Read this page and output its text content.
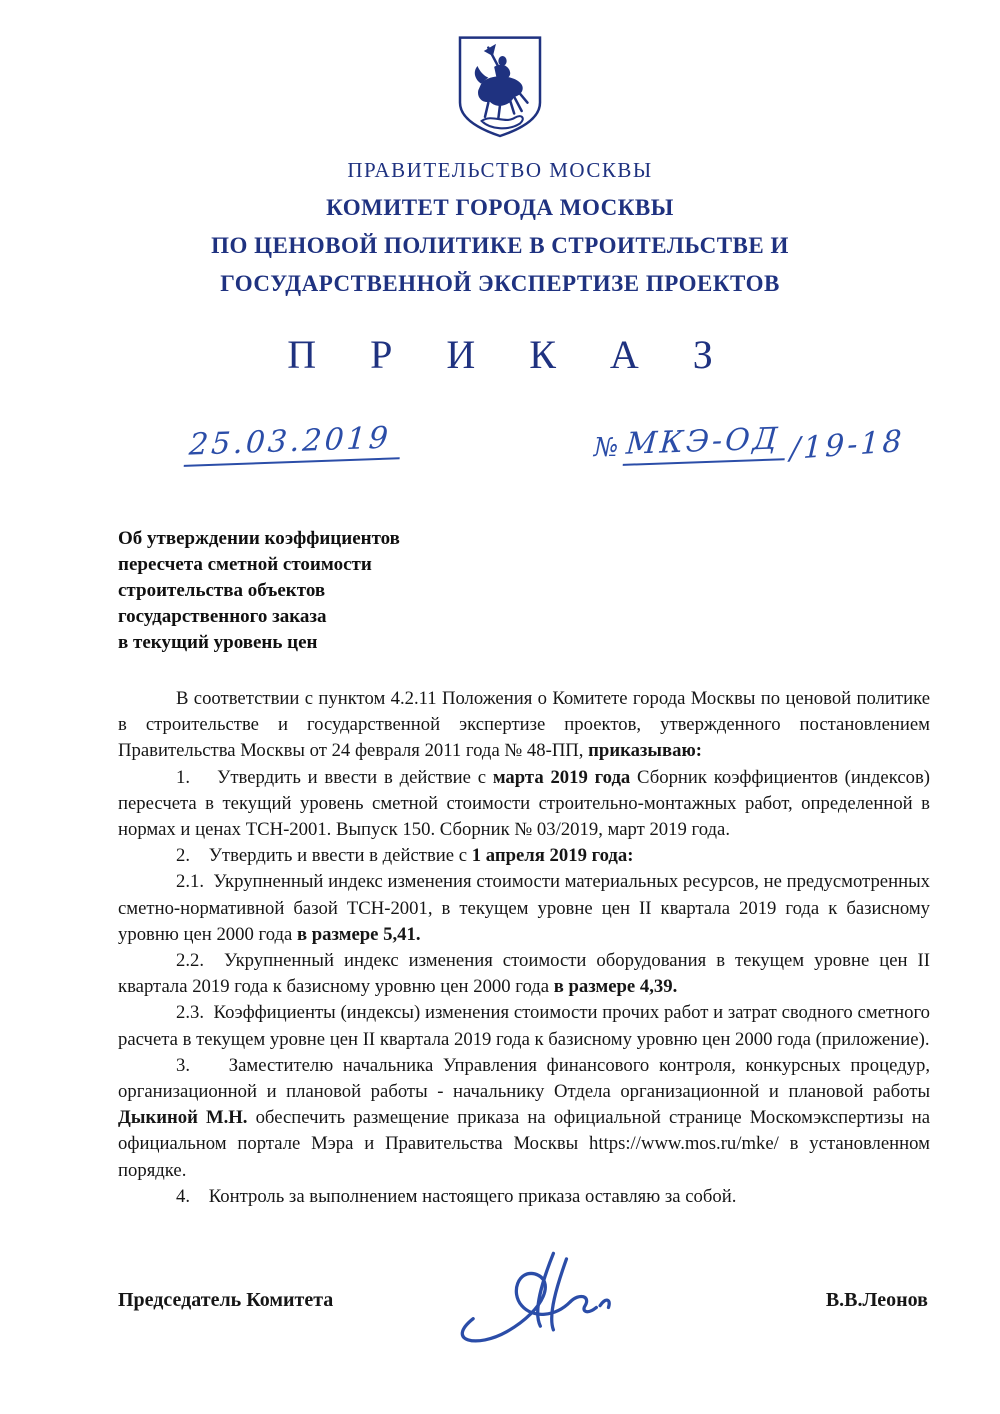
ПРАВИТЕЛЬСТВО МОСКВЫ
КОМИТЕТ ГОРОДА МОСКВЫ
ПО ЦЕНОВОЙ ПОЛИТИКЕ В СТРОИТЕЛЬСТВЕ И
ГОСУДАРСТВЕННОЙ ЭКСПЕРТИЗЕ ПРОЕКТОВ
П Р И К А З
25.03.2019	№ МКЭ-ОД /19-18
Об утверждении коэффициентов
пересчета сметной стоимости
строительства объектов
государственного заказа
в текущий уровень цен

В соответствии с пунктом 4.2.11 Положения о Комитете города Москвы по ценовой политике в строительстве и государственной экспертизе проектов, утвержденного постановлением Правительства Москвы от 24 февраля 2011 года № 48-ПП, приказываю:

1.    Утвердить и ввести в действие с марта 2019 года Сборник коэффициентов (индексов) пересчета в текущий уровень сметной стоимости строительно-монтажных работ, определенной в нормах и ценах ТСН-2001. Выпуск 150. Сборник № 03/2019, март 2019 года.

2.    Утвердить и ввести в действие с 1 апреля 2019 года:

2.1.  Укрупненный индекс изменения стоимости материальных ресурсов, не предусмотренных сметно-нормативной базой ТСН-2001, в текущем уровне цен II квартала 2019 года к базисному уровню цен 2000 года в размере 5,41.

2.2.  Укрупненный индекс изменения стоимости оборудования в текущем уровне цен II квартала 2019 года к базисному уровню цен 2000 года в размере 4,39.

2.3.  Коэффициенты (индексы) изменения стоимости прочих работ и затрат сводного сметного расчета в текущем уровне цен II квартала 2019 года к базисному уровню цен 2000 года (приложение).

3.    Заместителю начальника Управления финансового контроля, конкурсных процедур, организационной и плановой работы - начальнику Отдела организационной и плановой работы Дыкиной М.Н. обеспечить размещение приказа на официальной странице Москомэкспертизы на официальном портале Мэра и Правительства Москвы https://www.mos.ru/mke/ в установленном порядке.

4.    Контроль за выполнением настоящего приказа оставляю за собой.

Председатель Комитета	В.В.Леонов
